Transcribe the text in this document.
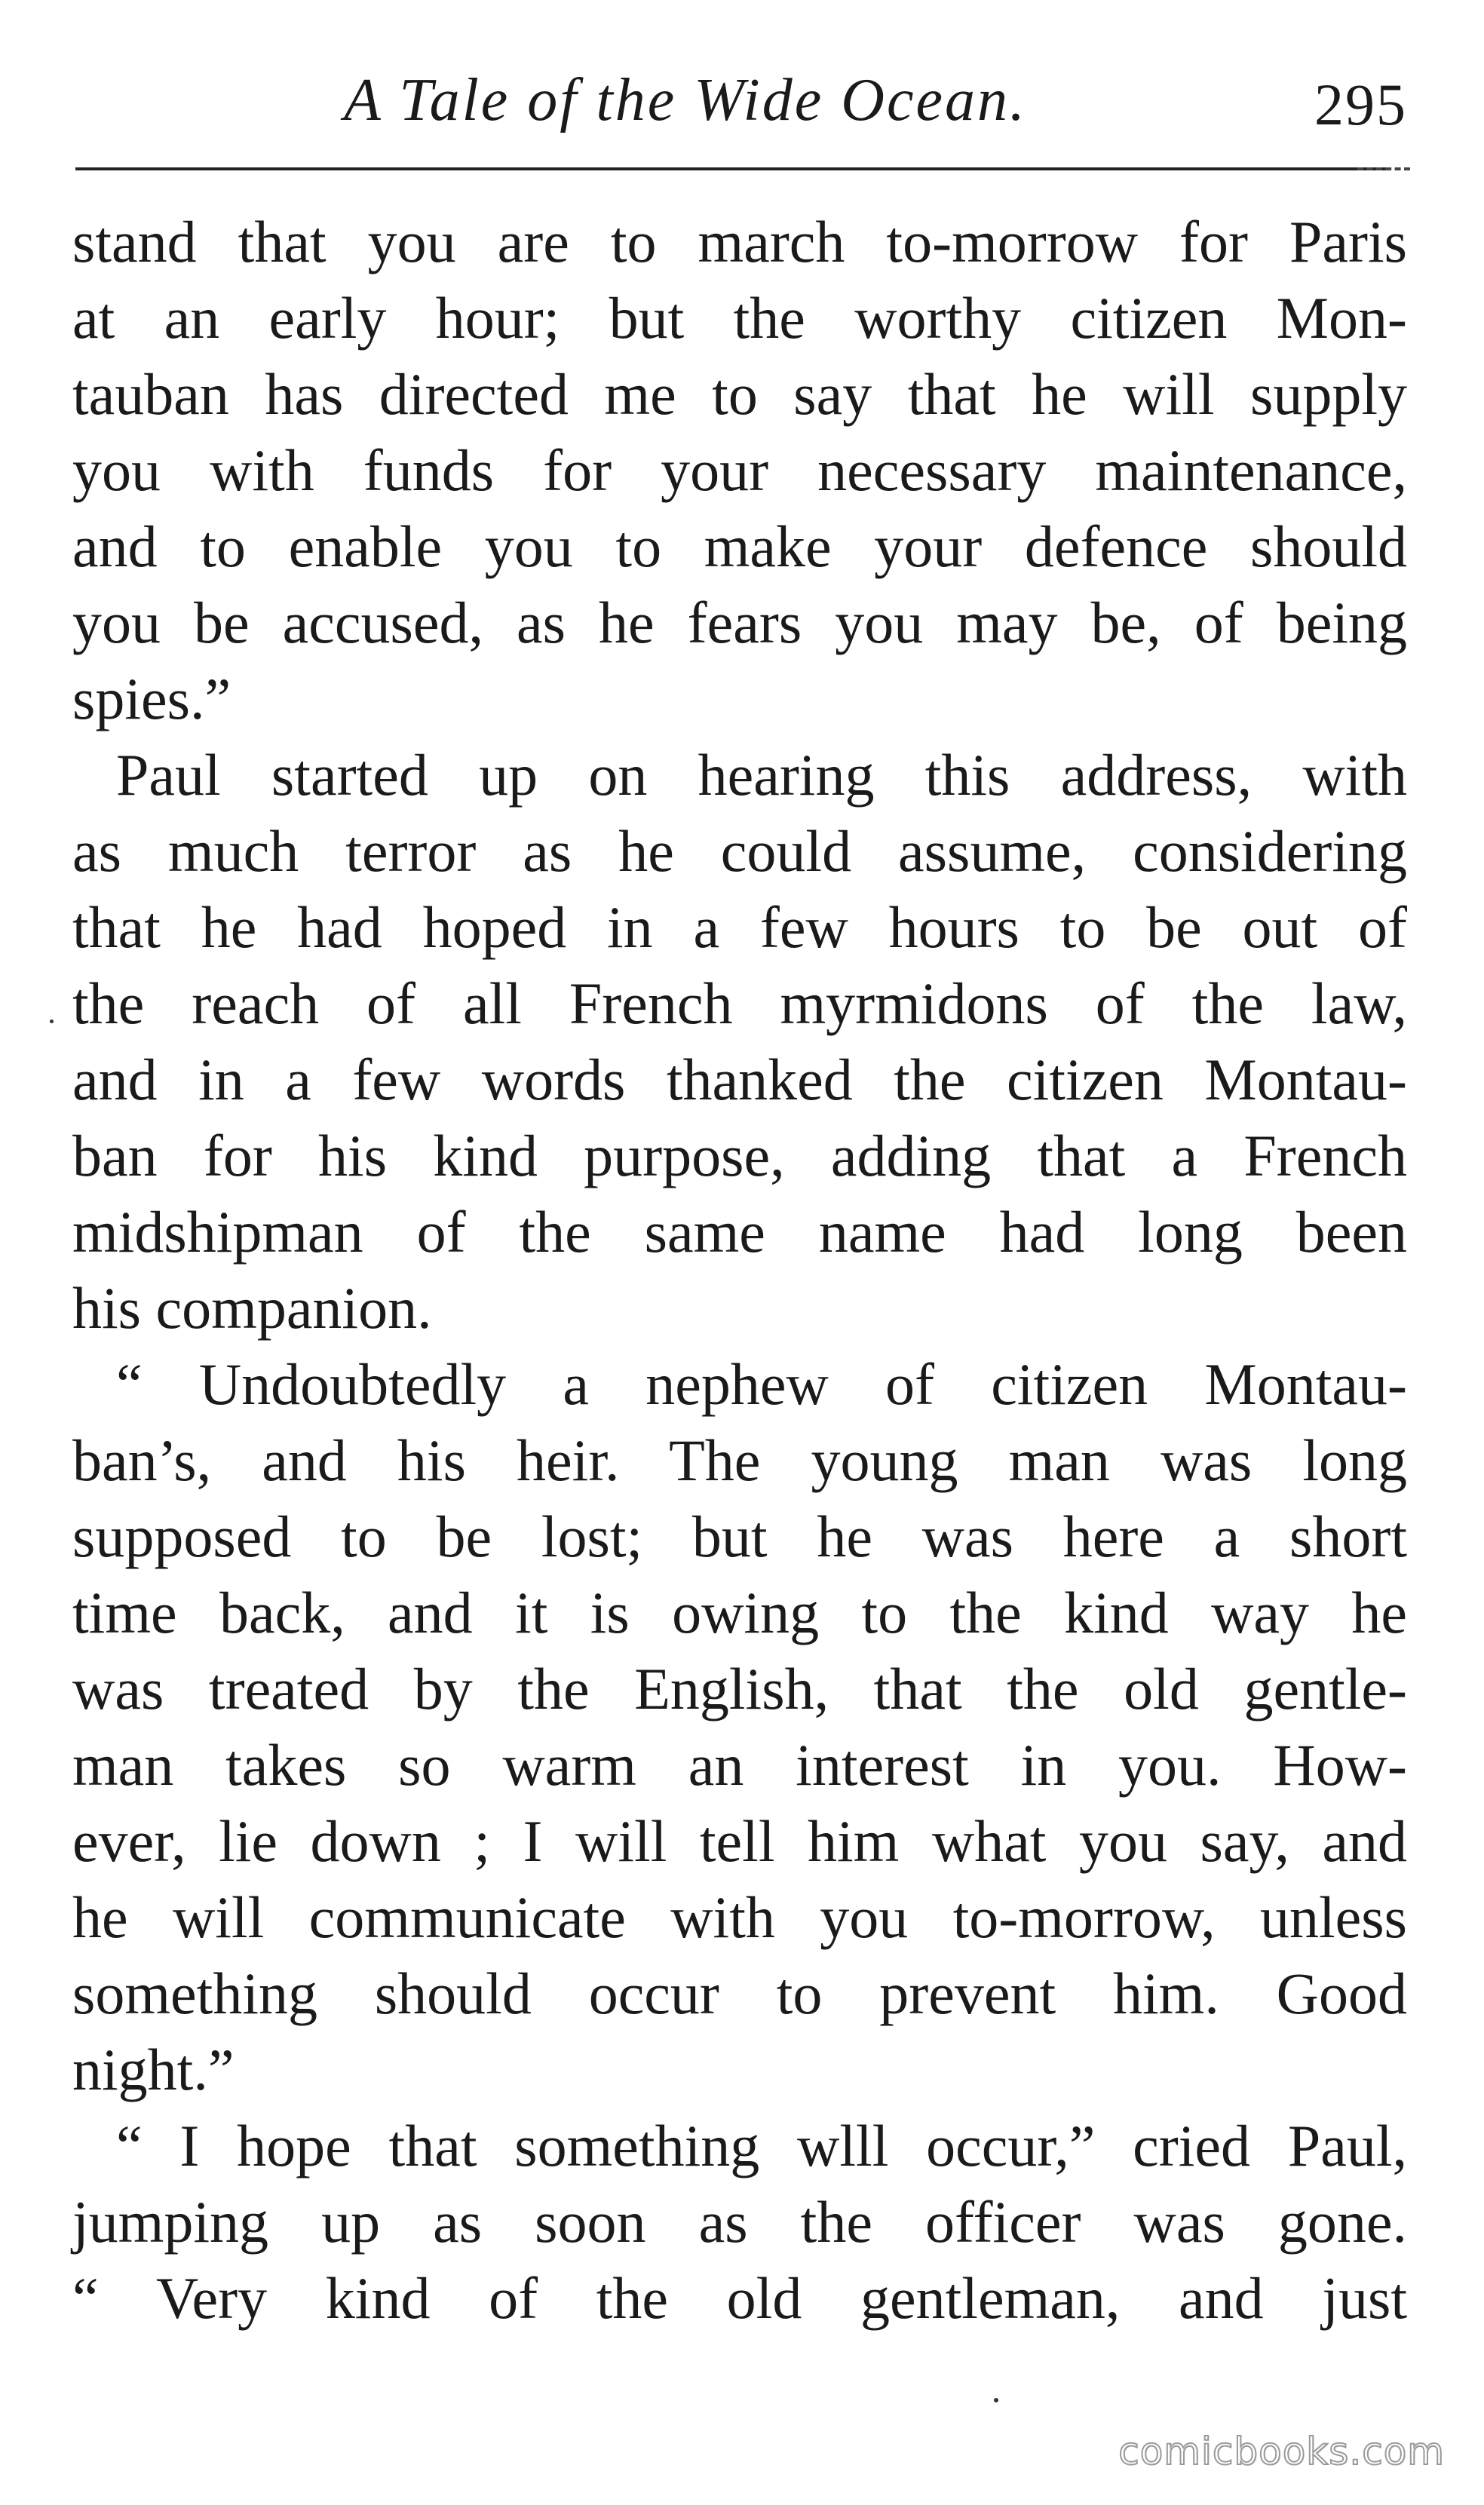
A Tale of the Wide Ocean.	295
stand that you are to march to-morrow for Paris
at an early hour; but the worthy citizen Mon-
tauban has directed me to say that he will supply
you with funds for your necessary maintenance,
and to enable you to make your defence should
you be accused, as he fears you may be, of being
spies.”
Paul started up on hearing this address, with
as much terror as he could assume, considering
that he had hoped in a few hours to be out of
the reach of all French myrmidons of the law,
and in a few words thanked the citizen Montau-
ban for his kind purpose, adding that a French
midshipman of the same name had long been
his companion.
“ Undoubtedly a nephew of citizen Montau-
ban’s, and his heir. The young man was long
supposed to be lost; but he was here a short
time back, and it is owing to the kind way he
was treated by the English, that the old gentle-
man takes so warm an interest in you. How-
ever, lie down ; I will tell him what you say, and
he will communicate with you to-morrow, unless
something should occur to prevent him. Good
night.”
“ I hope that something wlll occur,” cried Paul,
jumping up as soon as the officer was gone.
“ Very kind of the old gentleman, and just
comicbooks.com
